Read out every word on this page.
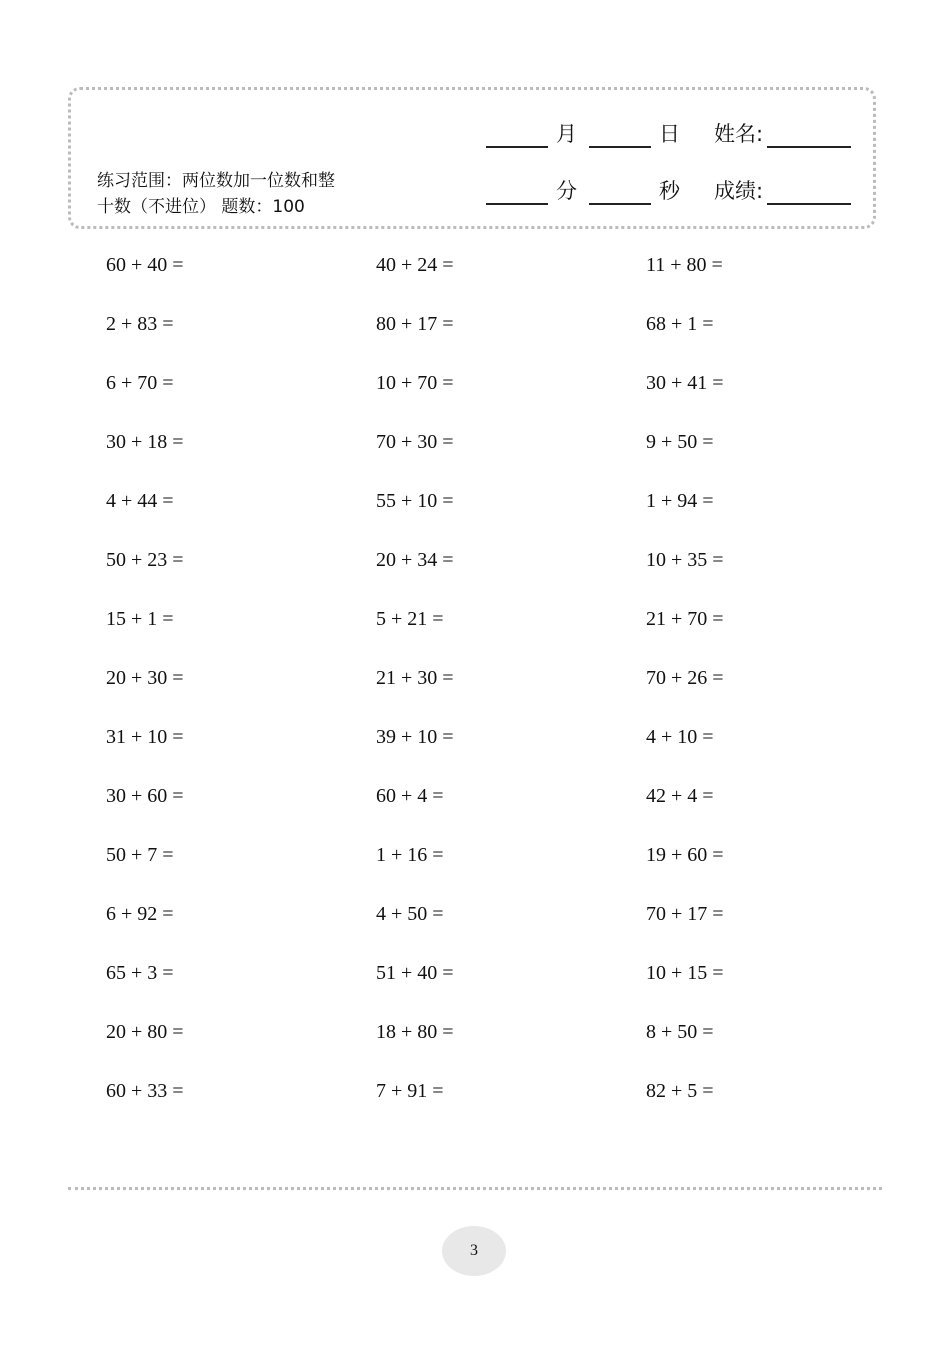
练习范围：两位数加一位数和整
十数（不进位） 题数：100
月	日 姓名:
分	秒 成绩:
60 + 40 =
2 + 83 =
6 + 70 =
30 + 18 =
4 + 44 =
50 + 23 =
15 + 1 =
20 + 30 =
31 + 10 =
30 + 60 =
50 + 7 =
6 + 92 =
65 + 3 =
20 + 80 =
60 + 33 =
40 + 24 =
80 + 17 =
10 + 70 =
70 + 30 =
55 + 10 =
20 + 34 =
5 + 21 =
21 + 30 =
39 + 10 =
60 + 4 =
1 + 16 =
4 + 50 =
51 + 40 =
18 + 80 =
7 + 91 =
11 + 80 =
68 + 1 =
30 + 41 =
9 + 50 =
1 + 94 =
10 + 35 =
21 + 70 =
70 + 26 =
4 + 10 =
42 + 4 =
19 + 60 =
70 + 17 =
10 + 15 =
8 + 50 =
82 + 5 =
3
